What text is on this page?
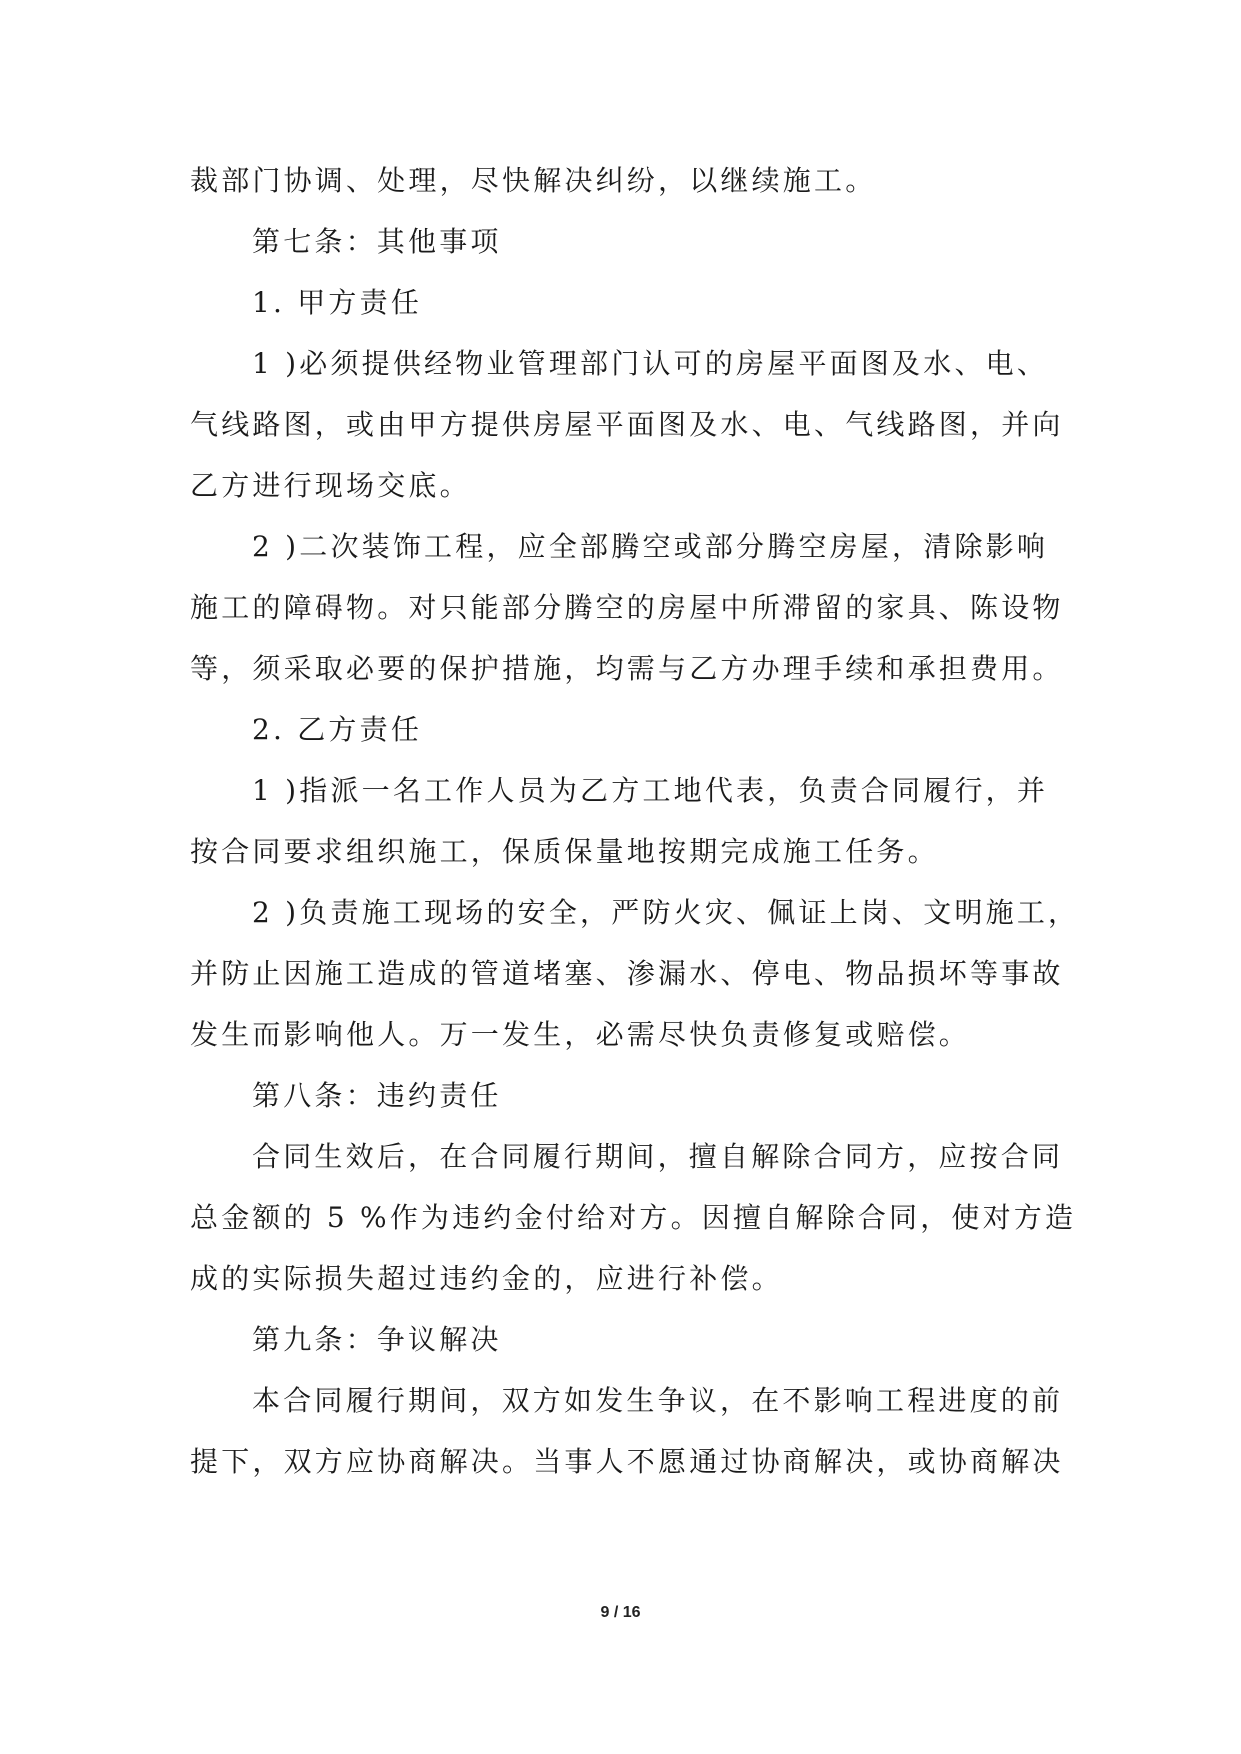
裁部门协调、处理，尽快解决纠纷，以继续施工。
第七条：其他事项
1. 甲方责任
1 )必须提供经物业管理部门认可的房屋平面图及水、电、
气线路图，或由甲方提供房屋平面图及水、电、气线路图，并向
乙方进行现场交底。
2 )二次装饰工程，应全部腾空或部分腾空房屋，清除影响
施工的障碍物。对只能部分腾空的房屋中所滞留的家具、陈设物
等，须采取必要的保护措施，均需与乙方办理手续和承担费用。
2. 乙方责任
1 )指派一名工作人员为乙方工地代表，负责合同履行，并
按合同要求组织施工，保质保量地按期完成施工任务。
2 )负责施工现场的安全，严防火灾、佩证上岗、文明施工，
并防止因施工造成的管道堵塞、渗漏水、停电、物品损坏等事故
发生而影响他人。万一发生，必需尽快负责修复或赔偿。
第八条：违约责任
合同生效后，在合同履行期间，擅自解除合同方，应按合同
总金额的 5 %作为违约金付给对方。因擅自解除合同，使对方造
成的实际损失超过违约金的，应进行补偿。
第九条：争议解决
本合同履行期间，双方如发生争议，在不影响工程进度的前
提下，双方应协商解决。当事人不愿通过协商解决，或协商解决
9 / 16
